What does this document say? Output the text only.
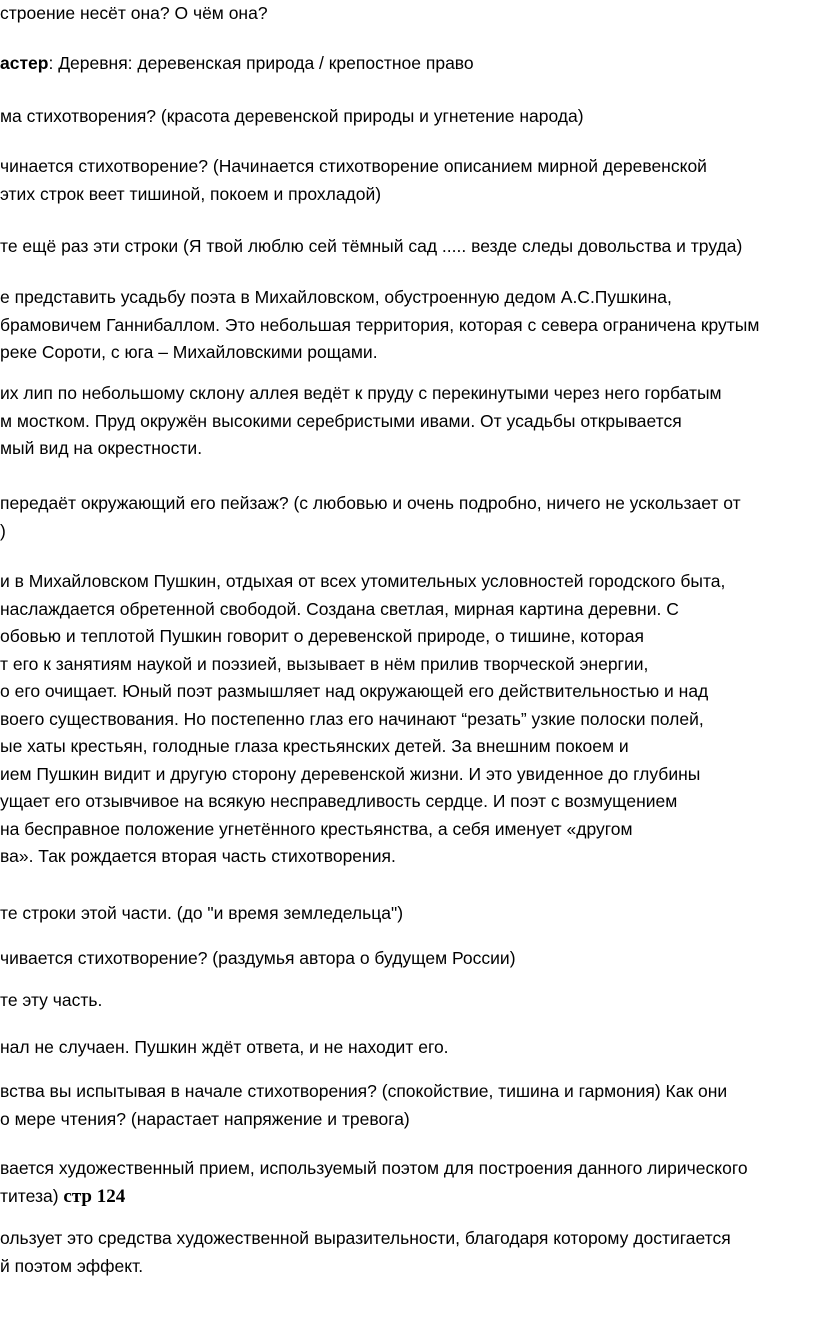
строение несёт она? О чём она?
астер: Деревня: деревенская природа / крепостное право
ма стихотворения? (красота деревенской природы и угнетение народа)
чинается стихотворение? (Начинается стихотворение описанием мирной деревенской
этих строк веет тишиной, покоем и прохладой)
те ещё раз эти строки (Я твой люблю сей тёмный сад ..... везде следы довольства и труда)
е представить усадьбу поэта в Михайловском, обустроенную дедом А.С.Пушкина,
брамовичем Ганнибаллом. Это небольшая территория, которая с севера ограничена крутым
реке Сороти, с юга – Михайловскими рощами.
их лип по небольшому склону аллея ведёт к пруду с перекинутыми через него горбатым
м мостком. Пруд окружён высокими серебристыми ивами. От усадьбы открывается
мый вид на окрестности.
передаёт окружающий его пейзаж? (с любовью и очень подробно, ничего не ускользает от
)
и в Михайловском Пушкин, отдыхая от всех утомительных условностей городского быта,
наслаждается обретенной свободой. Создана светлая, мирная картина деревни. С
обовью и теплотой Пушкин говорит о деревенской природе, о тишине, которая
т его к занятиям наукой и поэзией, вызывает в нём прилив творческой энергии,
о его очищает. Юный поэт размышляет над окружающей его действительностью и над
воего существования. Но постепенно глаз его начинают “резать” узкие полоски полей,
ые хаты крестьян, голодные глаза крестьянских детей. За внешним покоем и
ием Пушкин видит и другую сторону деревенской жизни. И это увиденное до глубины
ущает его отзывчивое на всякую несправедливость сердце. И поэт с возмущением
на бесправное положение угнетённого крестьянства, а себя именует «другом
ва». Так рождается вторая часть стихотворения.
те строки этой части. (до "и время земледельца")
чивается стихотворение? (раздумья автора о будущем России)
те эту часть.
нал не случаен. Пушкин ждёт ответа, и не находит его.
вства вы испытывая в начале стихотворения? (спокойствие, тишина и гармония) Как они
о мере чтения? (нарастает напряжение и тревога)
вается художественный прием, используемый поэтом для построения данного лирического
титеза) стр 124
ользует это средства художественной выразительности, благодаря которому достигается
й поэтом эффект.
